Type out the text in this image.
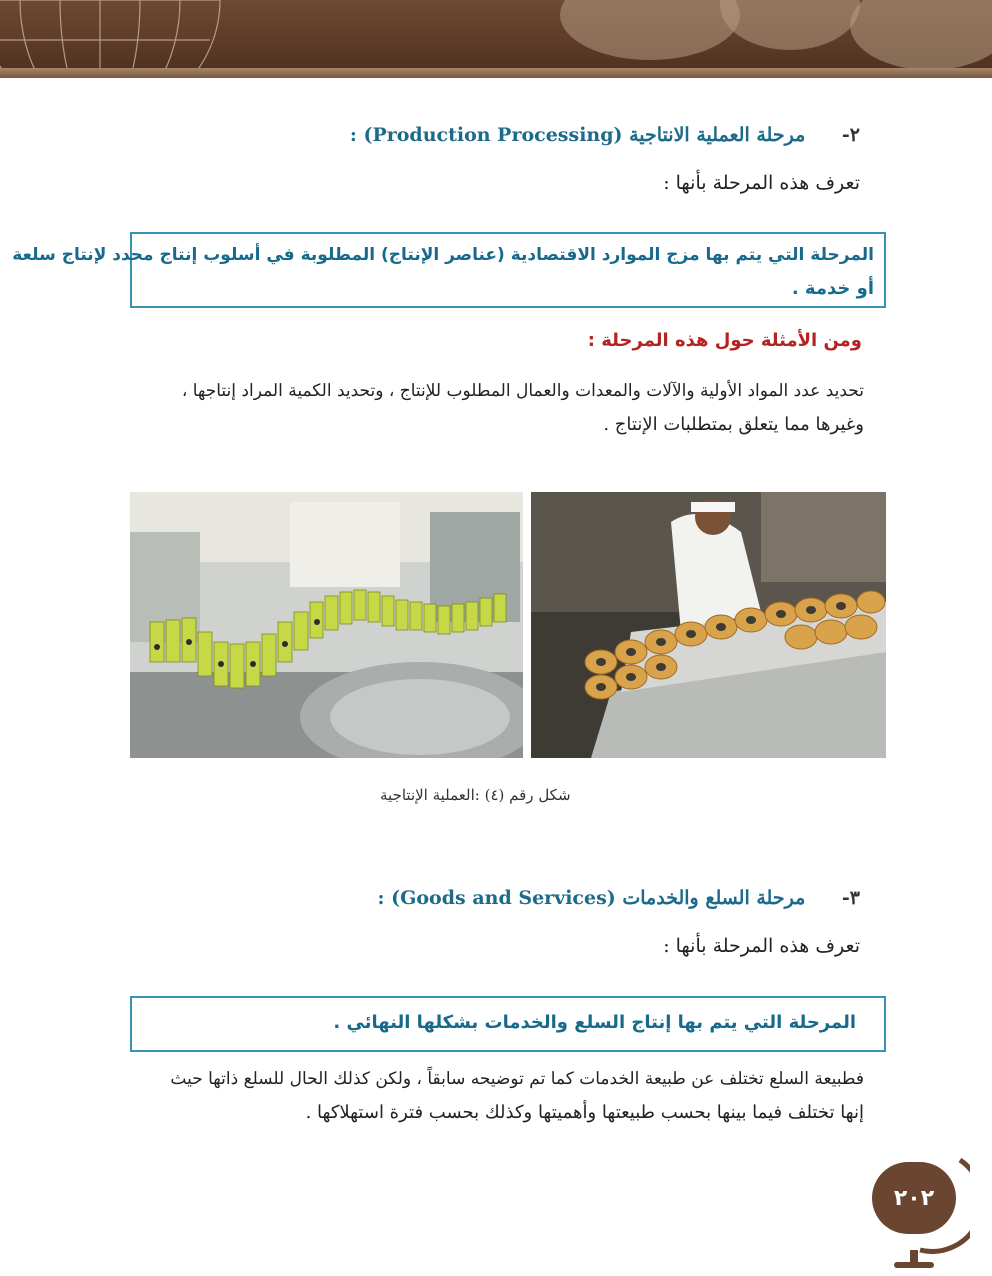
٢- مرحلة العملية الانتاجية (Production Processing) :
تعرف هذه المرحلة بأنها :

المرحلة التي يتم بها مزج الموارد الاقتصادية (عناصر الإنتاج) المطلوبة في أسلوب إنتاج محدد لإنتاج سلعة

أو خدمة .

ومن الأمثلة حول هذه المرحلة :

تحديد عدد المواد الأولية والآلات والمعدات والعمال المطلوب للإنتاج ، وتحديد الكمية المراد إنتاجها ،

وغيرها مما يتعلق بمتطلبات الإنتاج .

شكل رقم (٤) :العملية الإنتاجية
٣- مرحلة السلع والخدمات (Goods and Services) :
تعرف هذه المرحلة بأنها :

المرحلة التي يتم بها إنتاج السلع والخدمات بشكلها النهائي .

فطبيعة السلع تختلف عن طبيعة الخدمات كما تم توضيحه سابقاً ، ولكن كذلك الحال للسلع ذاتها حيث

إنها تختلف فيما بينها بحسب طبيعتها وأهميتها وكذلك بحسب فترة استهلاكها .

٢٠٢
